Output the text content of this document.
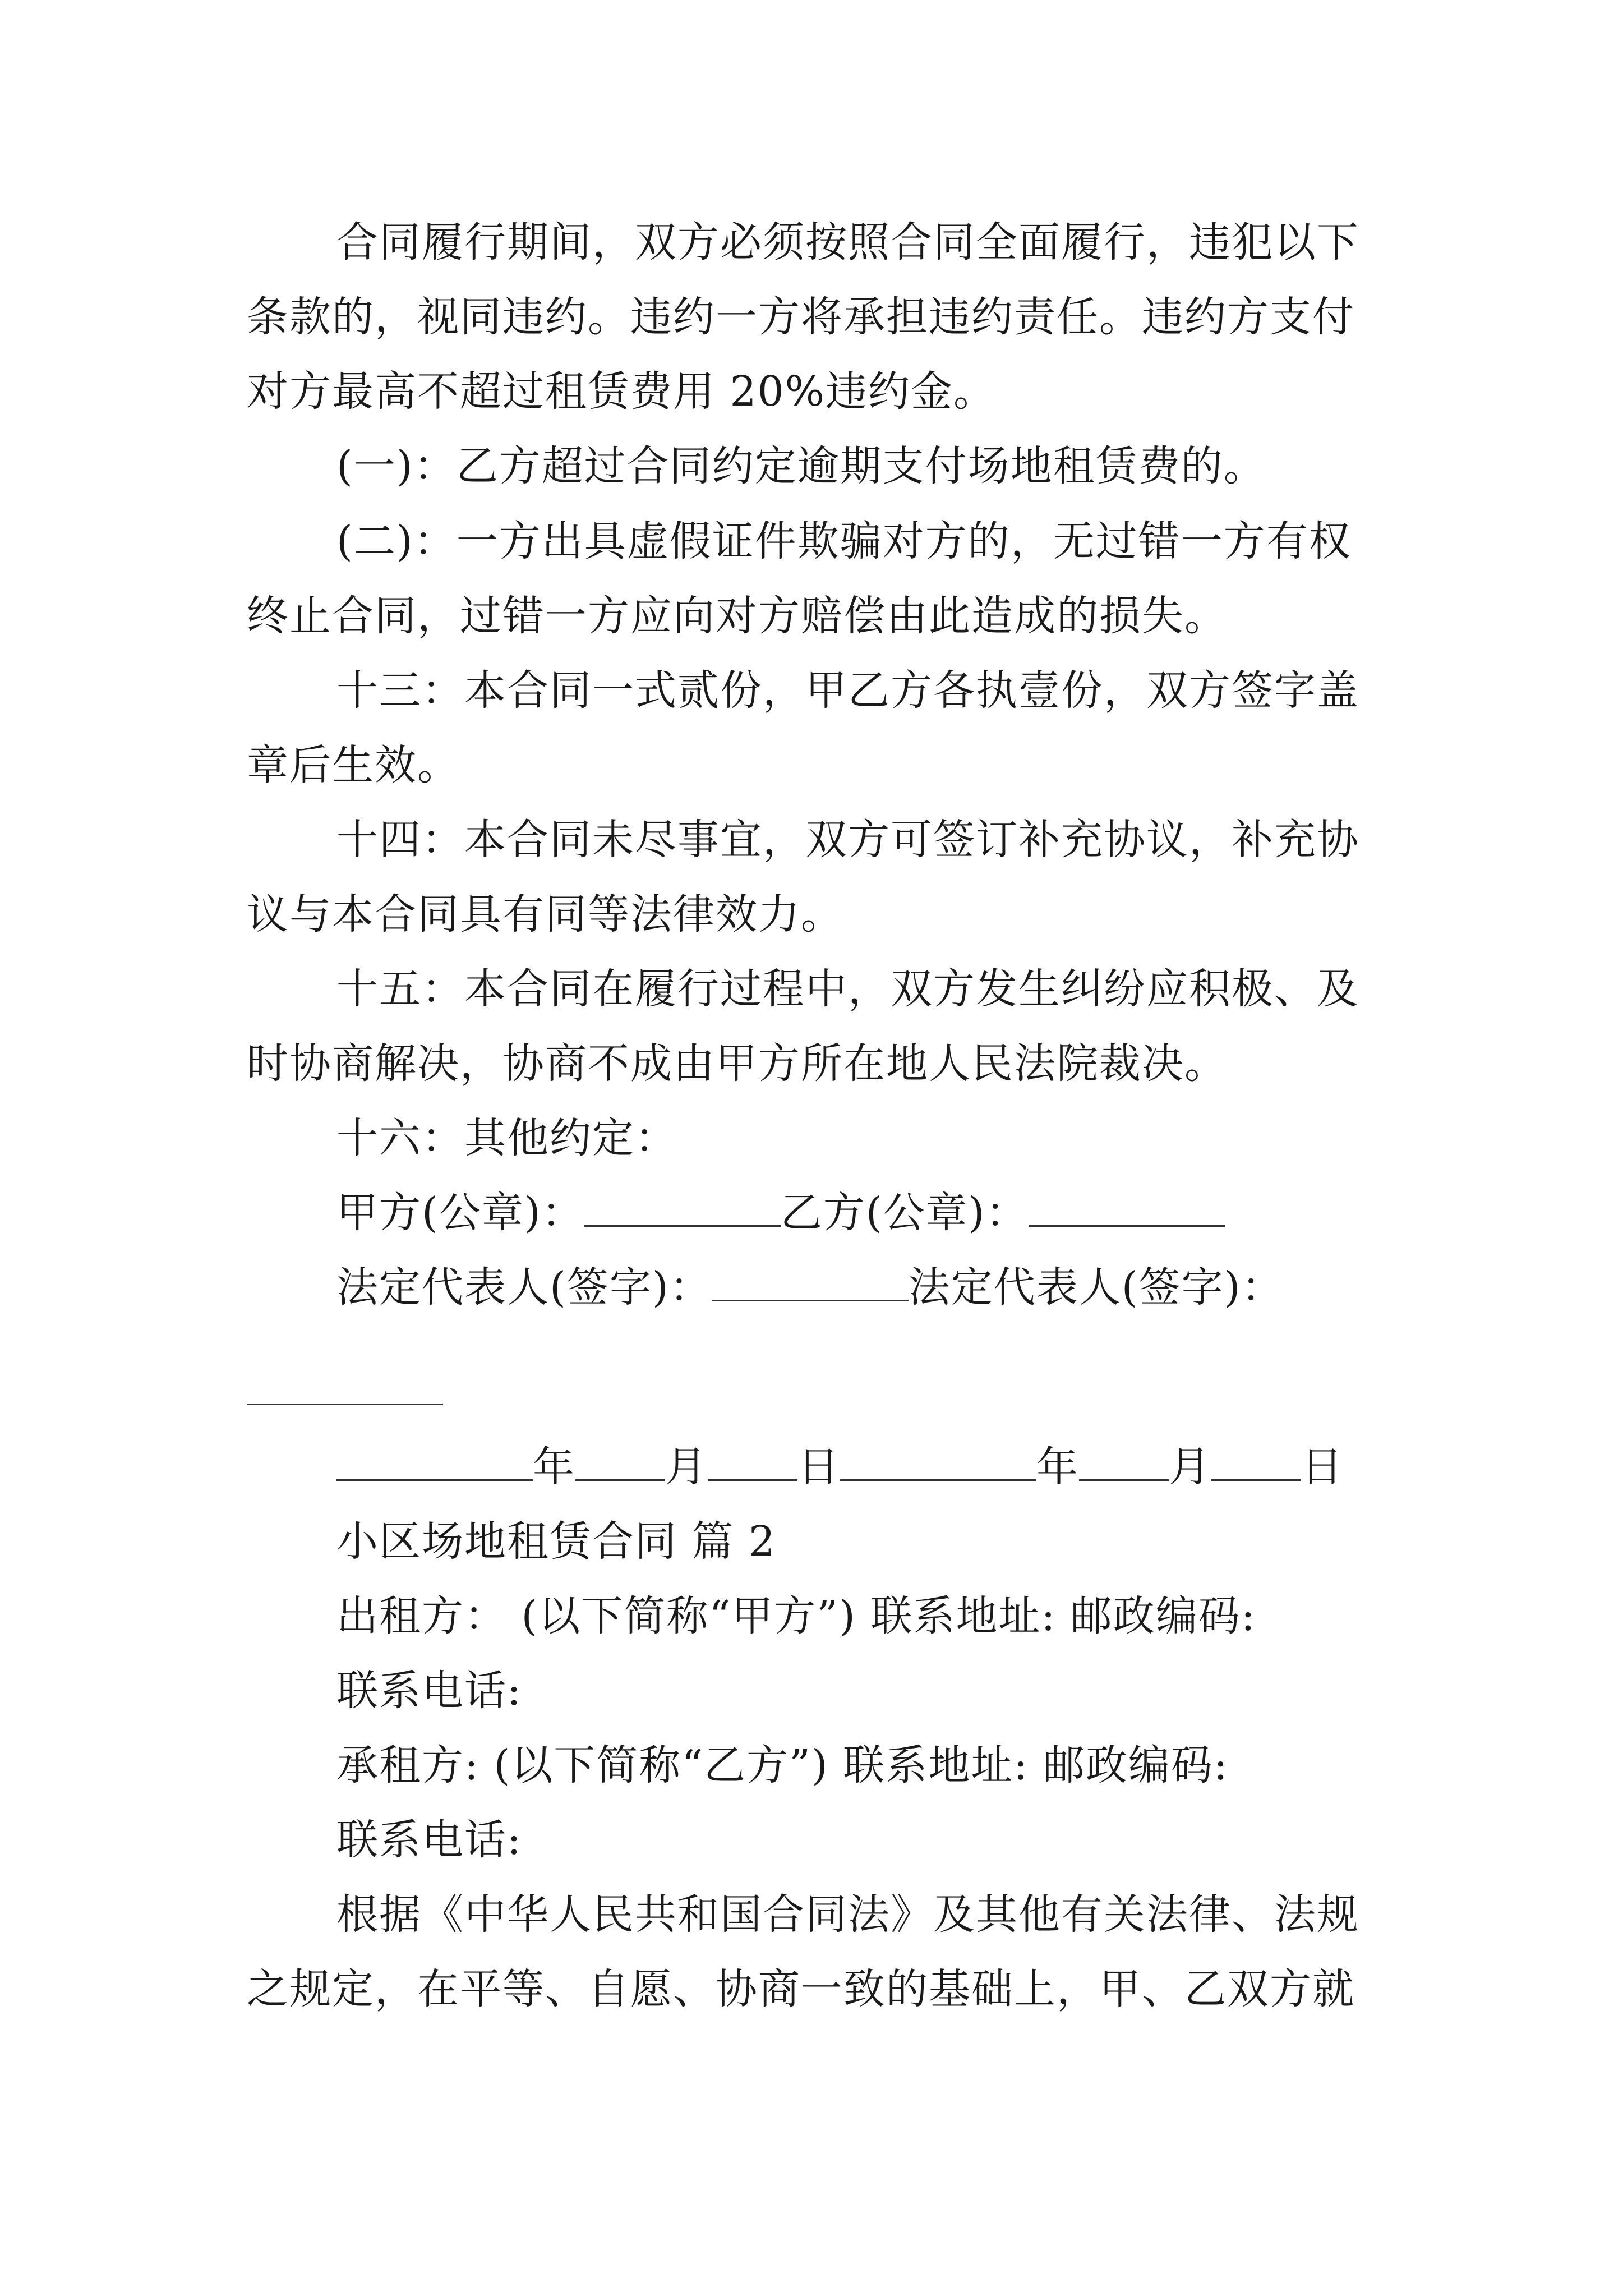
合同履行期间，双方必须按照合同全面履行，违犯以下
条款的，视同违约。违约一方将承担违约责任。违约方支付
对方最高不超过租赁费用 20%违约金。
(一)：乙方超过合同约定逾期支付场地租赁费的。
(二)：一方出具虚假证件欺骗对方的，无过错一方有权
终止合同，过错一方应向对方赔偿由此造成的损失。
十三：本合同一式贰份，甲乙方各执壹份，双方签字盖
章后生效。
十四：本合同未尽事宜，双方可签订补充协议，补充协
议与本合同具有同等法律效力。
十五：本合同在履行过程中，双方发生纠纷应积极、及
时协商解决，协商不成由甲方所在地人民法院裁决。
十六：其他约定：
甲方(公章)：	乙方(公章)：
法定代表人(签字)：	法定代表人(签字)：
年 月 日	年 月 日
小区场地租赁合同 篇 2
出租方： (以下简称“甲方”) 联系地址: 邮政编码:
联系电话:
承租方: (以下简称“乙方”) 联系地址: 邮政编码:
联系电话:
根据《中华人民共和国合同法》及其他有关法律、法规
之规定，在平等、自愿、协商一致的基础上，甲、乙双方就
